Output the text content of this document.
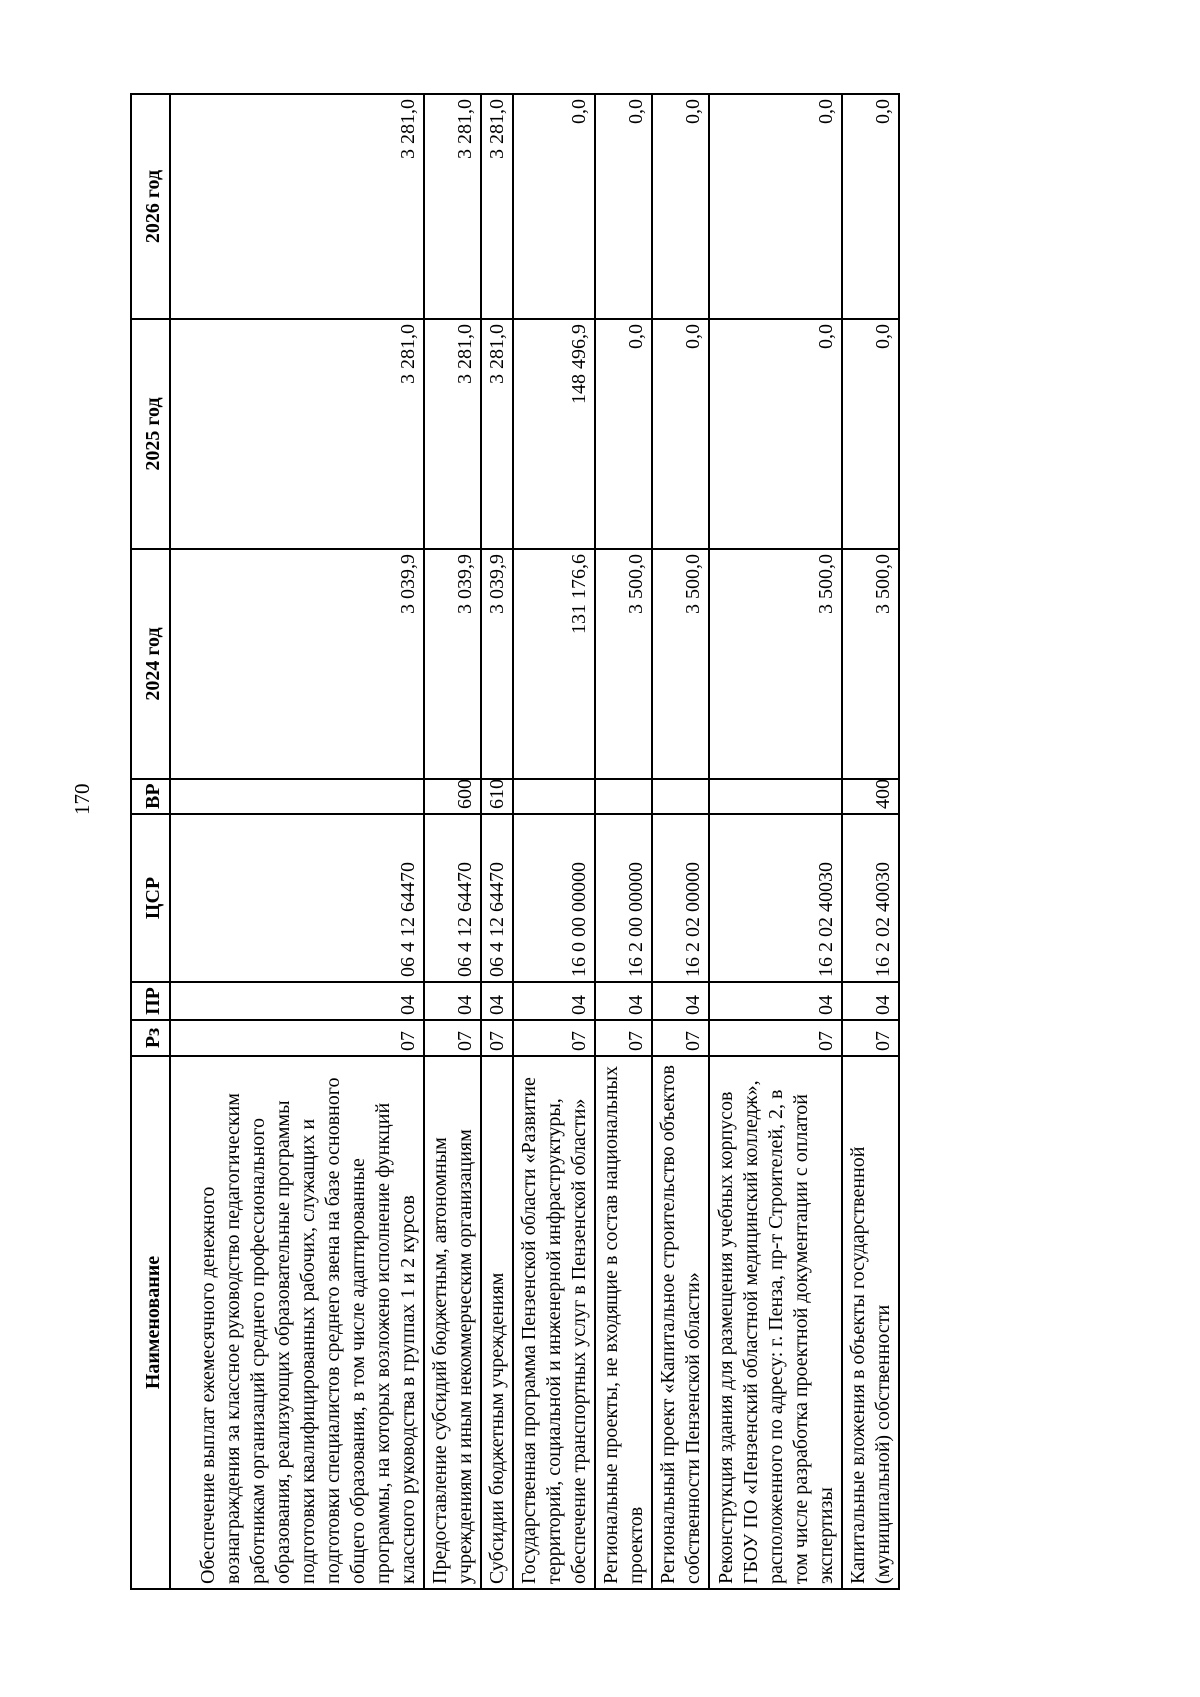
170
Наименование	Рз	ПР	ЦСР	ВР	2024 год	2025 год	2026 год
Обеспечение выплат ежемесячного денежного вознаграждения за классное руководство педагогическим работникам организаций среднего профессионального образования, реализующих образовательные программы подготовки квалифицированных рабочих, служащих и подготовки специалистов среднего звена на базе основного общего образования, в том числе адаптированные программы, на которых возложено исполнение функций классного руководства в группах 1 и 2 курсов	07	04	06 4 12 64470		3 039,9	3 281,0	3 281,0
Предоставление субсидий бюджетным, автономным учреждениям и иным некоммерческим организациям	07	04	06 4 12 64470	600	3 039,9	3 281,0	3 281,0
Субсидии бюджетным учреждениям	07	04	06 4 12 64470	610	3 039,9	3 281,0	3 281,0
Государственная программа Пензенской области «Развитие территорий, социальной и инженерной инфраструктуры, обеспечение транспортных услуг в Пензенской области»	07	04	16 0 00 00000		131 176,6	148 496,9	0,0
Региональные проекты, не входящие в состав национальных проектов	07	04	16 2 00 00000		3 500,0	0,0	0,0
Региональный проект «Капитальное строительство объектов собственности Пензенской области»	07	04	16 2 02 00000		3 500,0	0,0	0,0
Реконструкция здания для размещения учебных корпусов ГБОУ ПО «Пензенский областной медицинский колледж», расположенного по адресу: г. Пенза, пр-т Строителей, 2, в том числе разработка проектной документации с оплатой экспертизы	07	04	16 2 02 40030		3 500,0	0,0	0,0
Капитальные вложения в объекты государственной (муниципальной) собственности	07	04	16 2 02 40030	400	3 500,0	0,0	0,0
